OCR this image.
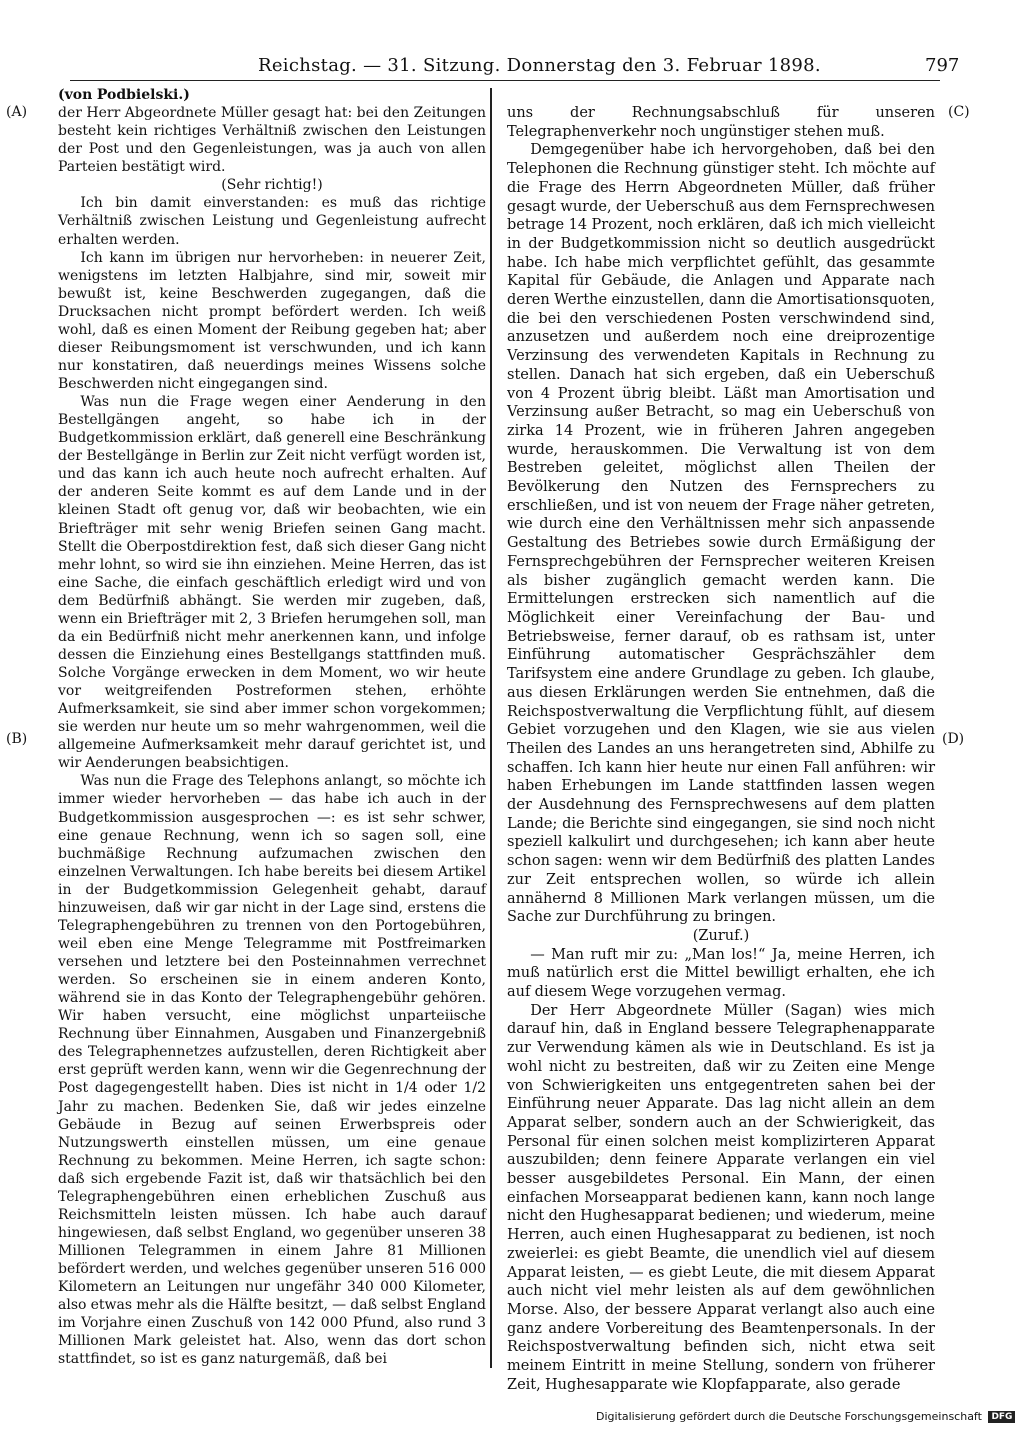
Reichstag. — 31. Sitzung. Donnerstag den 3. Februar 1898.	797
(A)
(B)
(C)
(D)

(von Podbielski.)

der Herr Abgeordnete Müller gesagt hat: bei den Zeitungen besteht kein richtiges Verhältniß zwischen den Leistungen der Post und den Gegenleistungen, was ja auch von allen Parteien bestätigt wird.

(Sehr richtig!)

Ich bin damit einverstanden: es muß das richtige Verhältniß zwischen Leistung und Gegenleistung aufrecht erhalten werden.

Ich kann im übrigen nur hervorheben: in neuerer Zeit, wenigstens im letzten Halbjahre, sind mir, soweit mir bewußt ist, keine Beschwerden zugegangen, daß die Drucksachen nicht prompt befördert werden. Ich weiß wohl, daß es einen Moment der Reibung gegeben hat; aber dieser Reibungsmoment ist verschwunden, und ich kann nur konstatiren, daß neuerdings meines Wissens solche Beschwerden nicht eingegangen sind.

Was nun die Frage wegen einer Aenderung in den Bestellgängen angeht, so habe ich in der Budgetkommission erklärt, daß generell eine Beschränkung der Bestellgänge in Berlin zur Zeit nicht verfügt worden ist, und das kann ich auch heute noch aufrecht erhalten. Auf der anderen Seite kommt es auf dem Lande und in der kleinen Stadt oft genug vor, daß wir beobachten, wie ein Briefträger mit sehr wenig Briefen seinen Gang macht. Stellt die Oberpostdirektion fest, daß sich dieser Gang nicht mehr lohnt, so wird sie ihn einziehen. Meine Herren, das ist eine Sache, die einfach geschäftlich erledigt wird und von dem Bedürfniß abhängt. Sie werden mir zugeben, daß, wenn ein Briefträger mit 2, 3 Briefen herumgehen soll, man da ein Bedürfniß nicht mehr anerkennen kann, und infolge dessen die Einziehung eines Bestellgangs stattfinden muß. Solche Vorgänge erwecken in dem Moment, wo wir heute vor weitgreifenden Postreformen stehen, erhöhte Aufmerksamkeit, sie sind aber immer schon vorgekommen; sie werden nur heute um so mehr wahrgenommen, weil die allgemeine Aufmerksamkeit mehr darauf gerichtet ist, und wir Aenderungen beabsichtigen.

Was nun die Frage des Telephons anlangt, so möchte ich immer wieder hervorheben — das habe ich auch in der Budgetkommission ausgesprochen —: es ist sehr schwer, eine genaue Rechnung, wenn ich so sagen soll, eine buchmäßige Rechnung aufzumachen zwischen den einzelnen Verwaltungen. Ich habe bereits bei diesem Artikel in der Budgetkommission Gelegenheit gehabt, darauf hinzuweisen, daß wir gar nicht in der Lage sind, erstens die Telegraphengebühren zu trennen von den Portogebühren, weil eben eine Menge Telegramme mit Postfreimarken versehen und letztere bei den Posteinnahmen verrechnet werden. So erscheinen sie in einem anderen Konto, während sie in das Konto der Telegraphengebühr gehören. Wir haben versucht, eine möglichst unparteiische Rechnung über Einnahmen, Ausgaben und Finanzergebniß des Telegraphennetzes aufzustellen, deren Richtigkeit aber erst geprüft werden kann, wenn wir die Gegenrechnung der Post dagegengestellt haben. Dies ist nicht in 1/4 oder 1/2 Jahr zu machen. Bedenken Sie, daß wir jedes einzelne Gebäude in Bezug auf seinen Erwerbspreis oder Nutzungswerth einstellen müssen, um eine genaue Rechnung zu bekommen. Meine Herren, ich sagte schon: daß sich ergebende Fazit ist, daß wir thatsächlich bei den Telegraphengebühren einen erheblichen Zuschuß aus Reichsmitteln leisten müssen. Ich habe auch darauf hingewiesen, daß selbst England, wo gegenüber unseren 38 Millionen Telegrammen in einem Jahre 81 Millionen befördert werden, und welches gegenüber unseren 516 000 Kilometern an Leitungen nur ungefähr 340 000 Kilometer, also etwas mehr als die Hälfte besitzt, — daß selbst England im Vorjahre einen Zuschuß von 142 000 Pfund, also rund 3 Millionen Mark geleistet hat. Also, wenn das dort schon stattfindet, so ist es ganz naturgemäß, daß bei

uns der Rechnungsabschluß für unseren Telegraphenverkehr noch ungünstiger stehen muß.

Demgegenüber habe ich hervorgehoben, daß bei den Telephonen die Rechnung günstiger steht. Ich möchte auf die Frage des Herrn Abgeordneten Müller, daß früher gesagt wurde, der Ueberschuß aus dem Fernsprechwesen betrage 14 Prozent, noch erklären, daß ich mich vielleicht in der Budgetkommission nicht so deutlich ausgedrückt habe. Ich habe mich verpflichtet gefühlt, das gesammte Kapital für Gebäude, die Anlagen und Apparate nach deren Werthe einzustellen, dann die Amortisationsquoten, die bei den verschiedenen Posten verschwindend sind, anzusetzen und außerdem noch eine dreiprozentige Verzinsung des verwendeten Kapitals in Rechnung zu stellen. Danach hat sich ergeben, daß ein Ueberschuß von 4 Prozent übrig bleibt. Läßt man Amortisation und Verzinsung außer Betracht, so mag ein Ueberschuß von zirka 14 Prozent, wie in früheren Jahren angegeben wurde, herauskommen. Die Verwaltung ist von dem Bestreben geleitet, möglichst allen Theilen der Bevölkerung den Nutzen des Fernsprechers zu erschließen, und ist von neuem der Frage näher getreten, wie durch eine den Verhältnissen mehr sich anpassende Gestaltung des Betriebes sowie durch Ermäßigung der Fernsprechgebühren der Fernsprecher weiteren Kreisen als bisher zugänglich gemacht werden kann. Die Ermittelungen erstrecken sich namentlich auf die Möglichkeit einer Vereinfachung der Bau- und Betriebsweise, ferner darauf, ob es rathsam ist, unter Einführung automatischer Gesprächszähler dem Tarifsystem eine andere Grundlage zu geben. Ich glaube, aus diesen Erklärungen werden Sie entnehmen, daß die Reichspostverwaltung die Verpflichtung fühlt, auf diesem Gebiet vorzugehen und den Klagen, wie sie aus vielen Theilen des Landes an uns herangetreten sind, Abhilfe zu schaffen. Ich kann hier heute nur einen Fall anführen: wir haben Erhebungen im Lande stattfinden lassen wegen der Ausdehnung des Fernsprechwesens auf dem platten Lande; die Berichte sind eingegangen, sie sind noch nicht speziell kalkulirt und durchgesehen; ich kann aber heute schon sagen: wenn wir dem Bedürfniß des platten Landes zur Zeit entsprechen wollen, so würde ich allein annähernd 8 Millionen Mark verlangen müssen, um die Sache zur Durchführung zu bringen.

(Zuruf.)

— Man ruft mir zu: „Man los!“ Ja, meine Herren, ich muß natürlich erst die Mittel bewilligt erhalten, ehe ich auf diesem Wege vorzugehen vermag.

Der Herr Abgeordnete Müller (Sagan) wies mich darauf hin, daß in England bessere Telegraphenapparate zur Verwendung kämen als wie in Deutschland. Es ist ja wohl nicht zu bestreiten, daß wir zu Zeiten eine Menge von Schwierigkeiten uns entgegentreten sahen bei der Einführung neuer Apparate. Das lag nicht allein an dem Apparat selber, sondern auch an der Schwierigkeit, das Personal für einen solchen meist komplizirteren Apparat auszubilden; denn feinere Apparate verlangen ein viel besser ausgebildetes Personal. Ein Mann, der einen einfachen Morseapparat bedienen kann, kann noch lange nicht den Hughesapparat bedienen; und wiederum, meine Herren, auch einen Hughesapparat zu bedienen, ist noch zweierlei: es giebt Beamte, die unendlich viel auf diesem Apparat leisten, — es giebt Leute, die mit diesem Apparat auch nicht viel mehr leisten als auf dem gewöhnlichen Morse. Also, der bessere Apparat verlangt also auch eine ganz andere Vorbereitung des Beamtenpersonals. In der Reichspostverwaltung befinden sich, nicht etwa seit meinem Eintritt in meine Stellung, sondern von früherer Zeit, Hughesapparate wie Klopfapparate, also gerade

Digitalisierung gefördert durch die Deutsche Forschungsgemeinschaft DFG
